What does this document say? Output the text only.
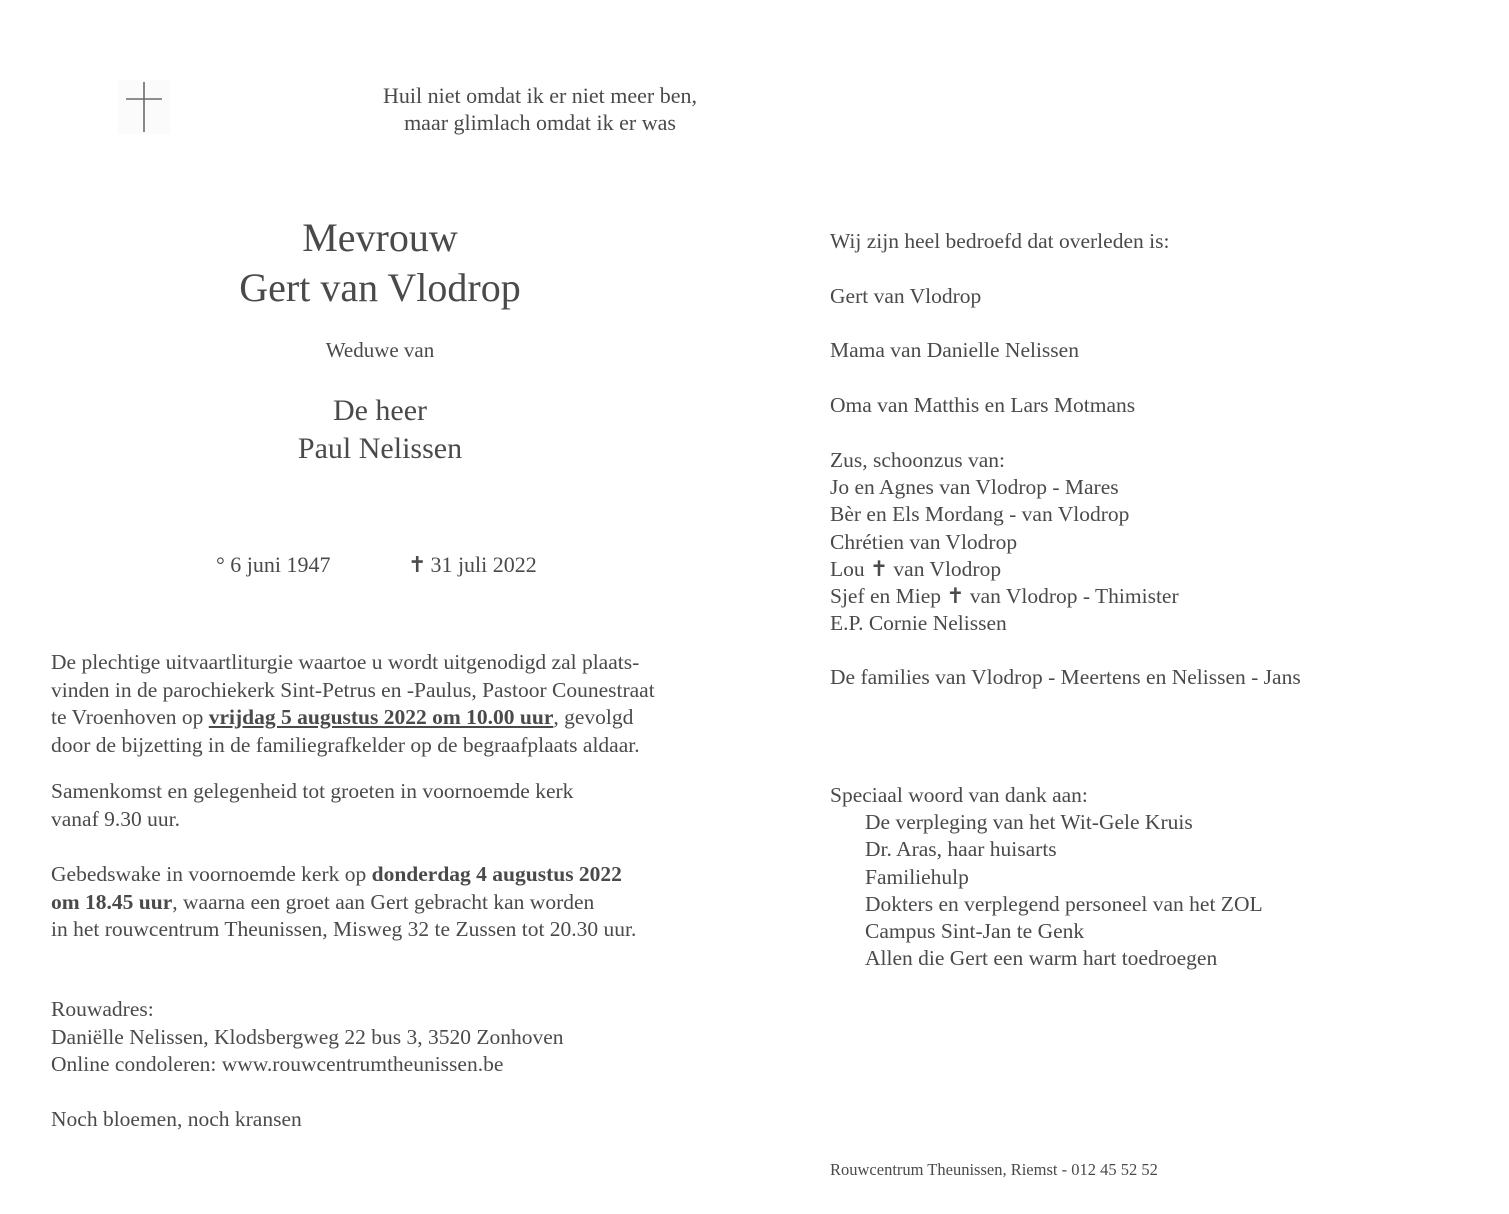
Huil niet omdat ik er niet meer ben,
maar glimlach omdat ik er was
Mevrouw
Gert van Vlodrop
Weduwe van
De heer
Paul Nelissen
° 6 juni 1947	✝ 31 juli 2022
De plechtige uitvaartliturgie waartoe u wordt uitgenodigd zal plaats-
vinden in de parochiekerk Sint-Petrus en -Paulus, Pastoor Counestraat
te Vroenhoven op vrijdag 5 augustus 2022 om 10.00 uur, gevolgd
door de bijzetting in de familiegrafkelder op de begraafplaats aldaar.
Samenkomst en gelegenheid tot groeten in voornoemde kerk
vanaf 9.30 uur.
Gebedswake in voornoemde kerk op donderdag 4 augustus 2022
om 18.45 uur, waarna een groet aan Gert gebracht kan worden
in het rouwcentrum Theunissen, Misweg 32 te Zussen tot 20.30 uur.
Rouwadres:
Daniëlle Nelissen, Klodsbergweg 22 bus 3, 3520 Zonhoven
Online condoleren: www.rouwcentrumtheunissen.be
Noch bloemen, noch kransen
Wij zijn heel bedroefd dat overleden is:
Gert van Vlodrop
Mama van Danielle Nelissen
Oma van Matthis en Lars Motmans
Zus, schoonzus van:
Jo en Agnes van Vlodrop - Mares
Bèr en Els Mordang - van Vlodrop
Chrétien van Vlodrop
Lou ✝ van Vlodrop
Sjef en Miep ✝ van Vlodrop - Thimister
E.P. Cornie Nelissen
De families van Vlodrop - Meertens en Nelissen - Jans
Speciaal woord van dank aan:
De verpleging van het Wit-Gele Kruis
Dr. Aras, haar huisarts
Familiehulp
Dokters en verplegend personeel van het ZOL
Campus Sint-Jan te Genk
Allen die Gert een warm hart toedroegen
Rouwcentrum Theunissen, Riemst - 012 45 52 52
